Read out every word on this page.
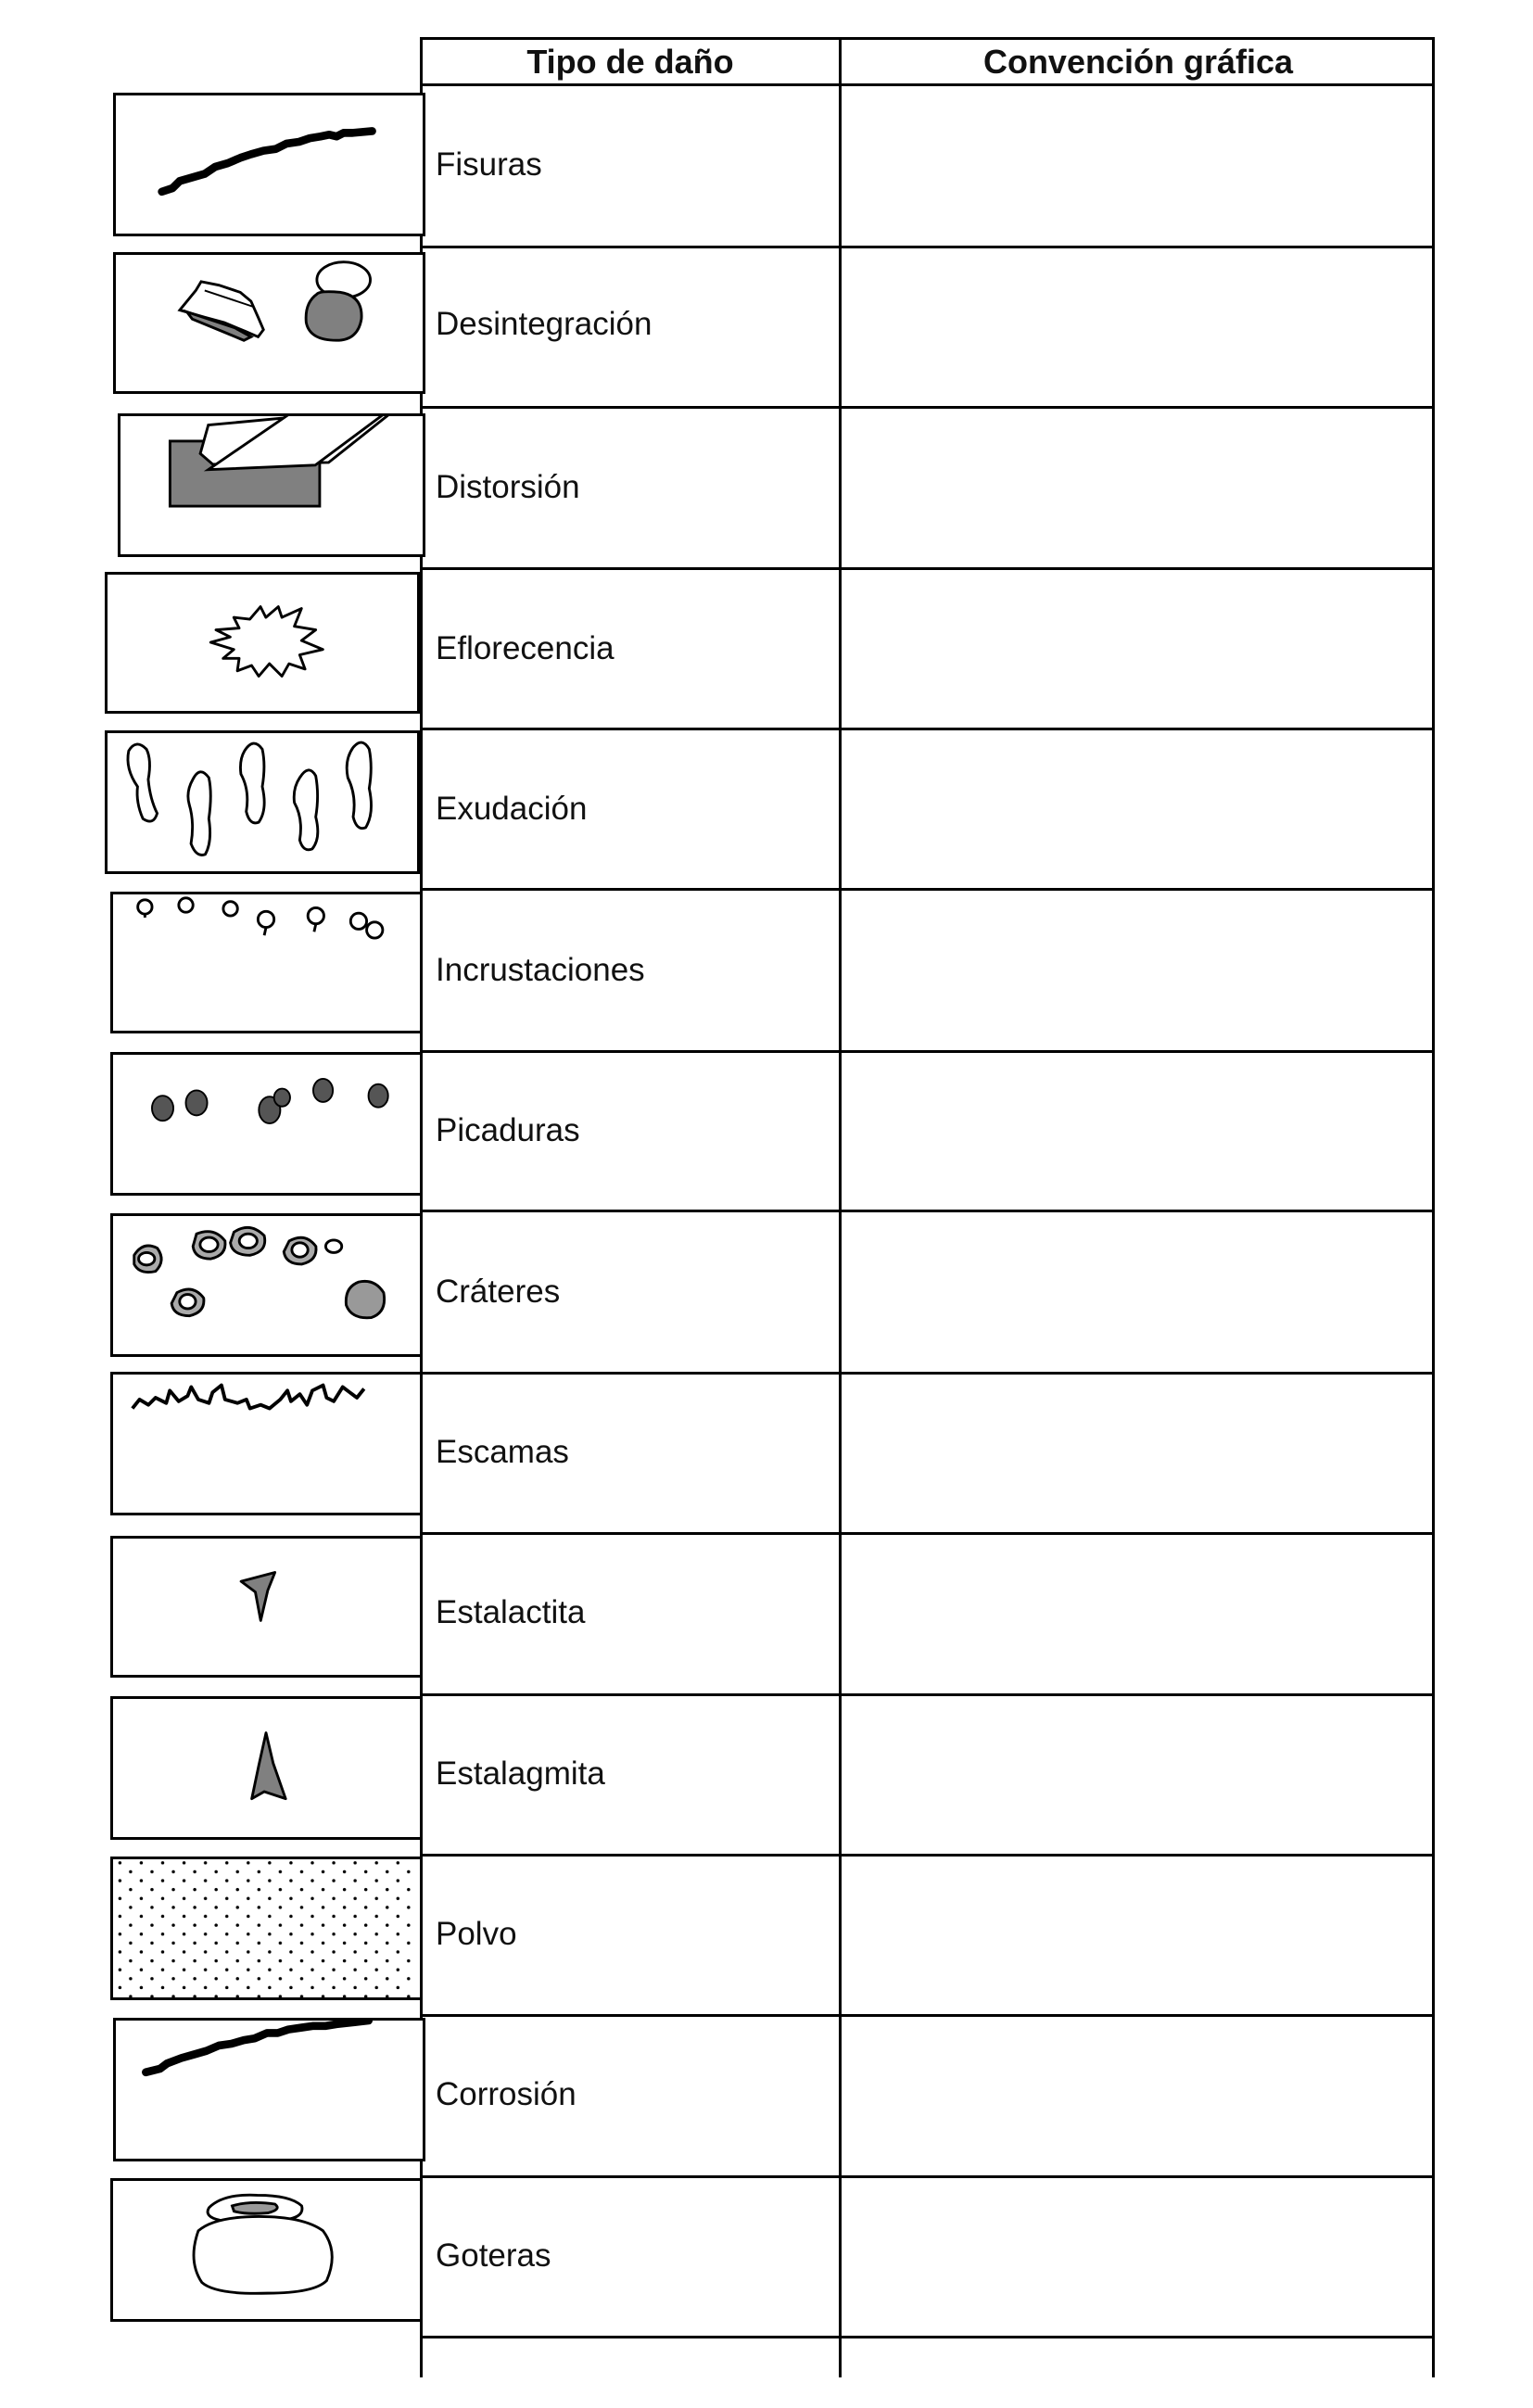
Tipo de daño	Convención gráfica
Fisuras
Desintegración
Distorsión
Eflorecencia
Exudación
Incrustaciones
Picaduras
Cráteres
Escamas
Estalactita
Estalagmita
Polvo
Corrosión
Goteras
